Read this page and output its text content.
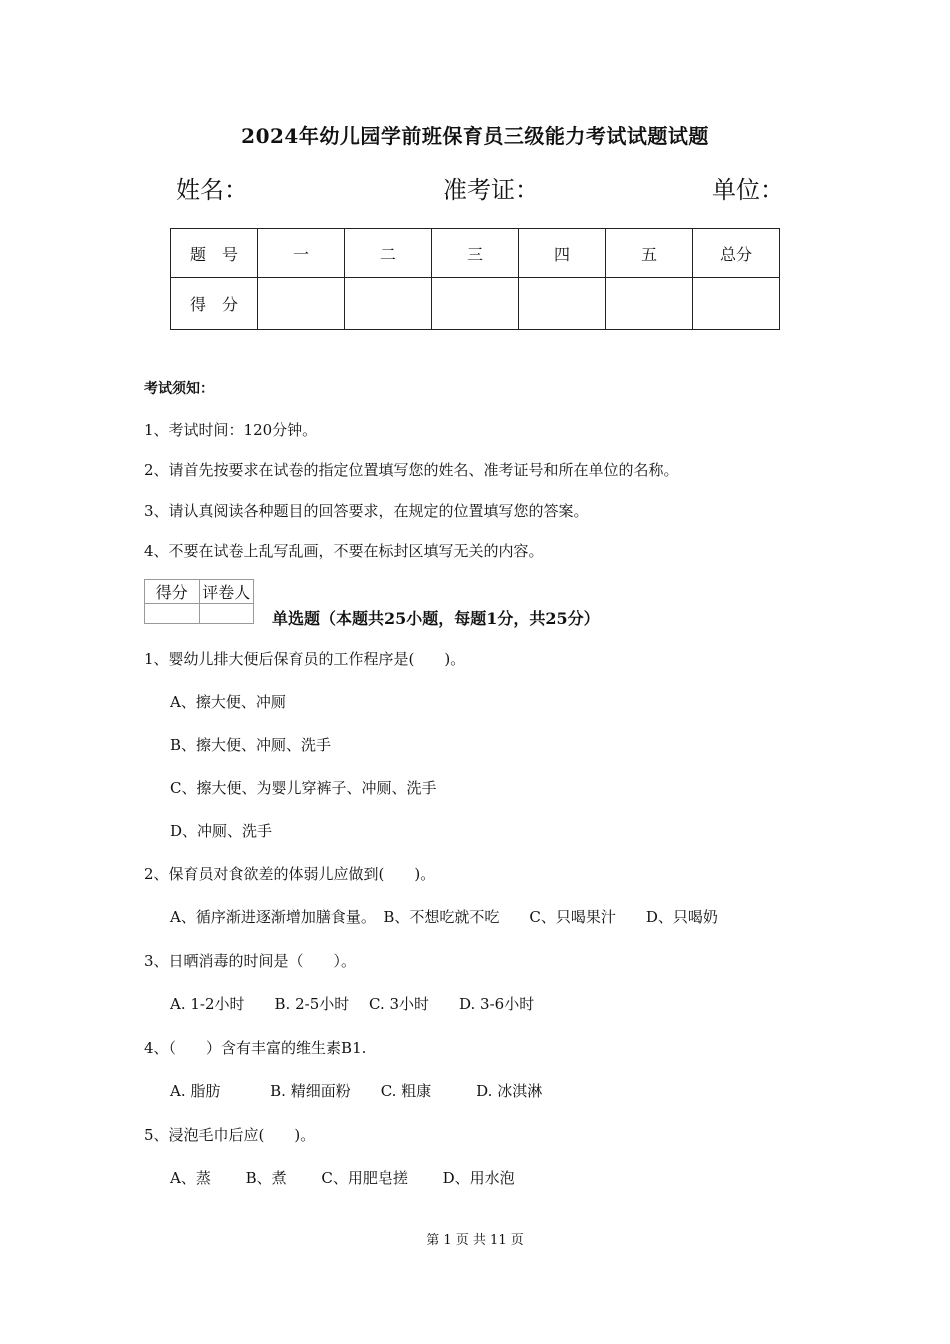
2024年幼儿园学前班保育员三级能力考试试题试题
姓名：	准考证：	单位：
题　号	一	二	三	四	五	总分
得　分						
考试须知：
1、考试时间：120分钟。
2、请首先按要求在试卷的指定位置填写您的姓名、准考证号和所在单位的名称。
3、请认真阅读各种题目的回答要求，在规定的位置填写您的答案。
4、不要在试卷上乱写乱画，不要在标封区填写无关的内容。
得分	评卷人

单选题（本题共25小题，每题1分，共25分）
1、婴幼儿排大便后保育员的工作程序是(　　)。
A、擦大便、冲厕
B、擦大便、冲厕、洗手
C、擦大便、为婴儿穿裤子、冲厕、洗手
D、冲厕、洗手
2、保育员对食欲差的体弱儿应做到(　　)。
A、循序渐进逐渐增加膳食量。　B、不想吃就不吃　　C、只喝果汁　　D、只喝奶
3、日晒消毒的时间是（　　）。
A. 1-2小时　　B. 2-5小时　 C. 3小时　　D. 3-6小时
4、（　　）含有丰富的维生素B1.
A. 脂肪　　　 B. 精细面粉　　C. 粗康　　　D. 冰淇淋
5、浸泡毛巾后应(　　)。
A、蒸　　 B、煮　　 C、用肥皂搓　　 D、用水泡
第 1 页 共 11 页
